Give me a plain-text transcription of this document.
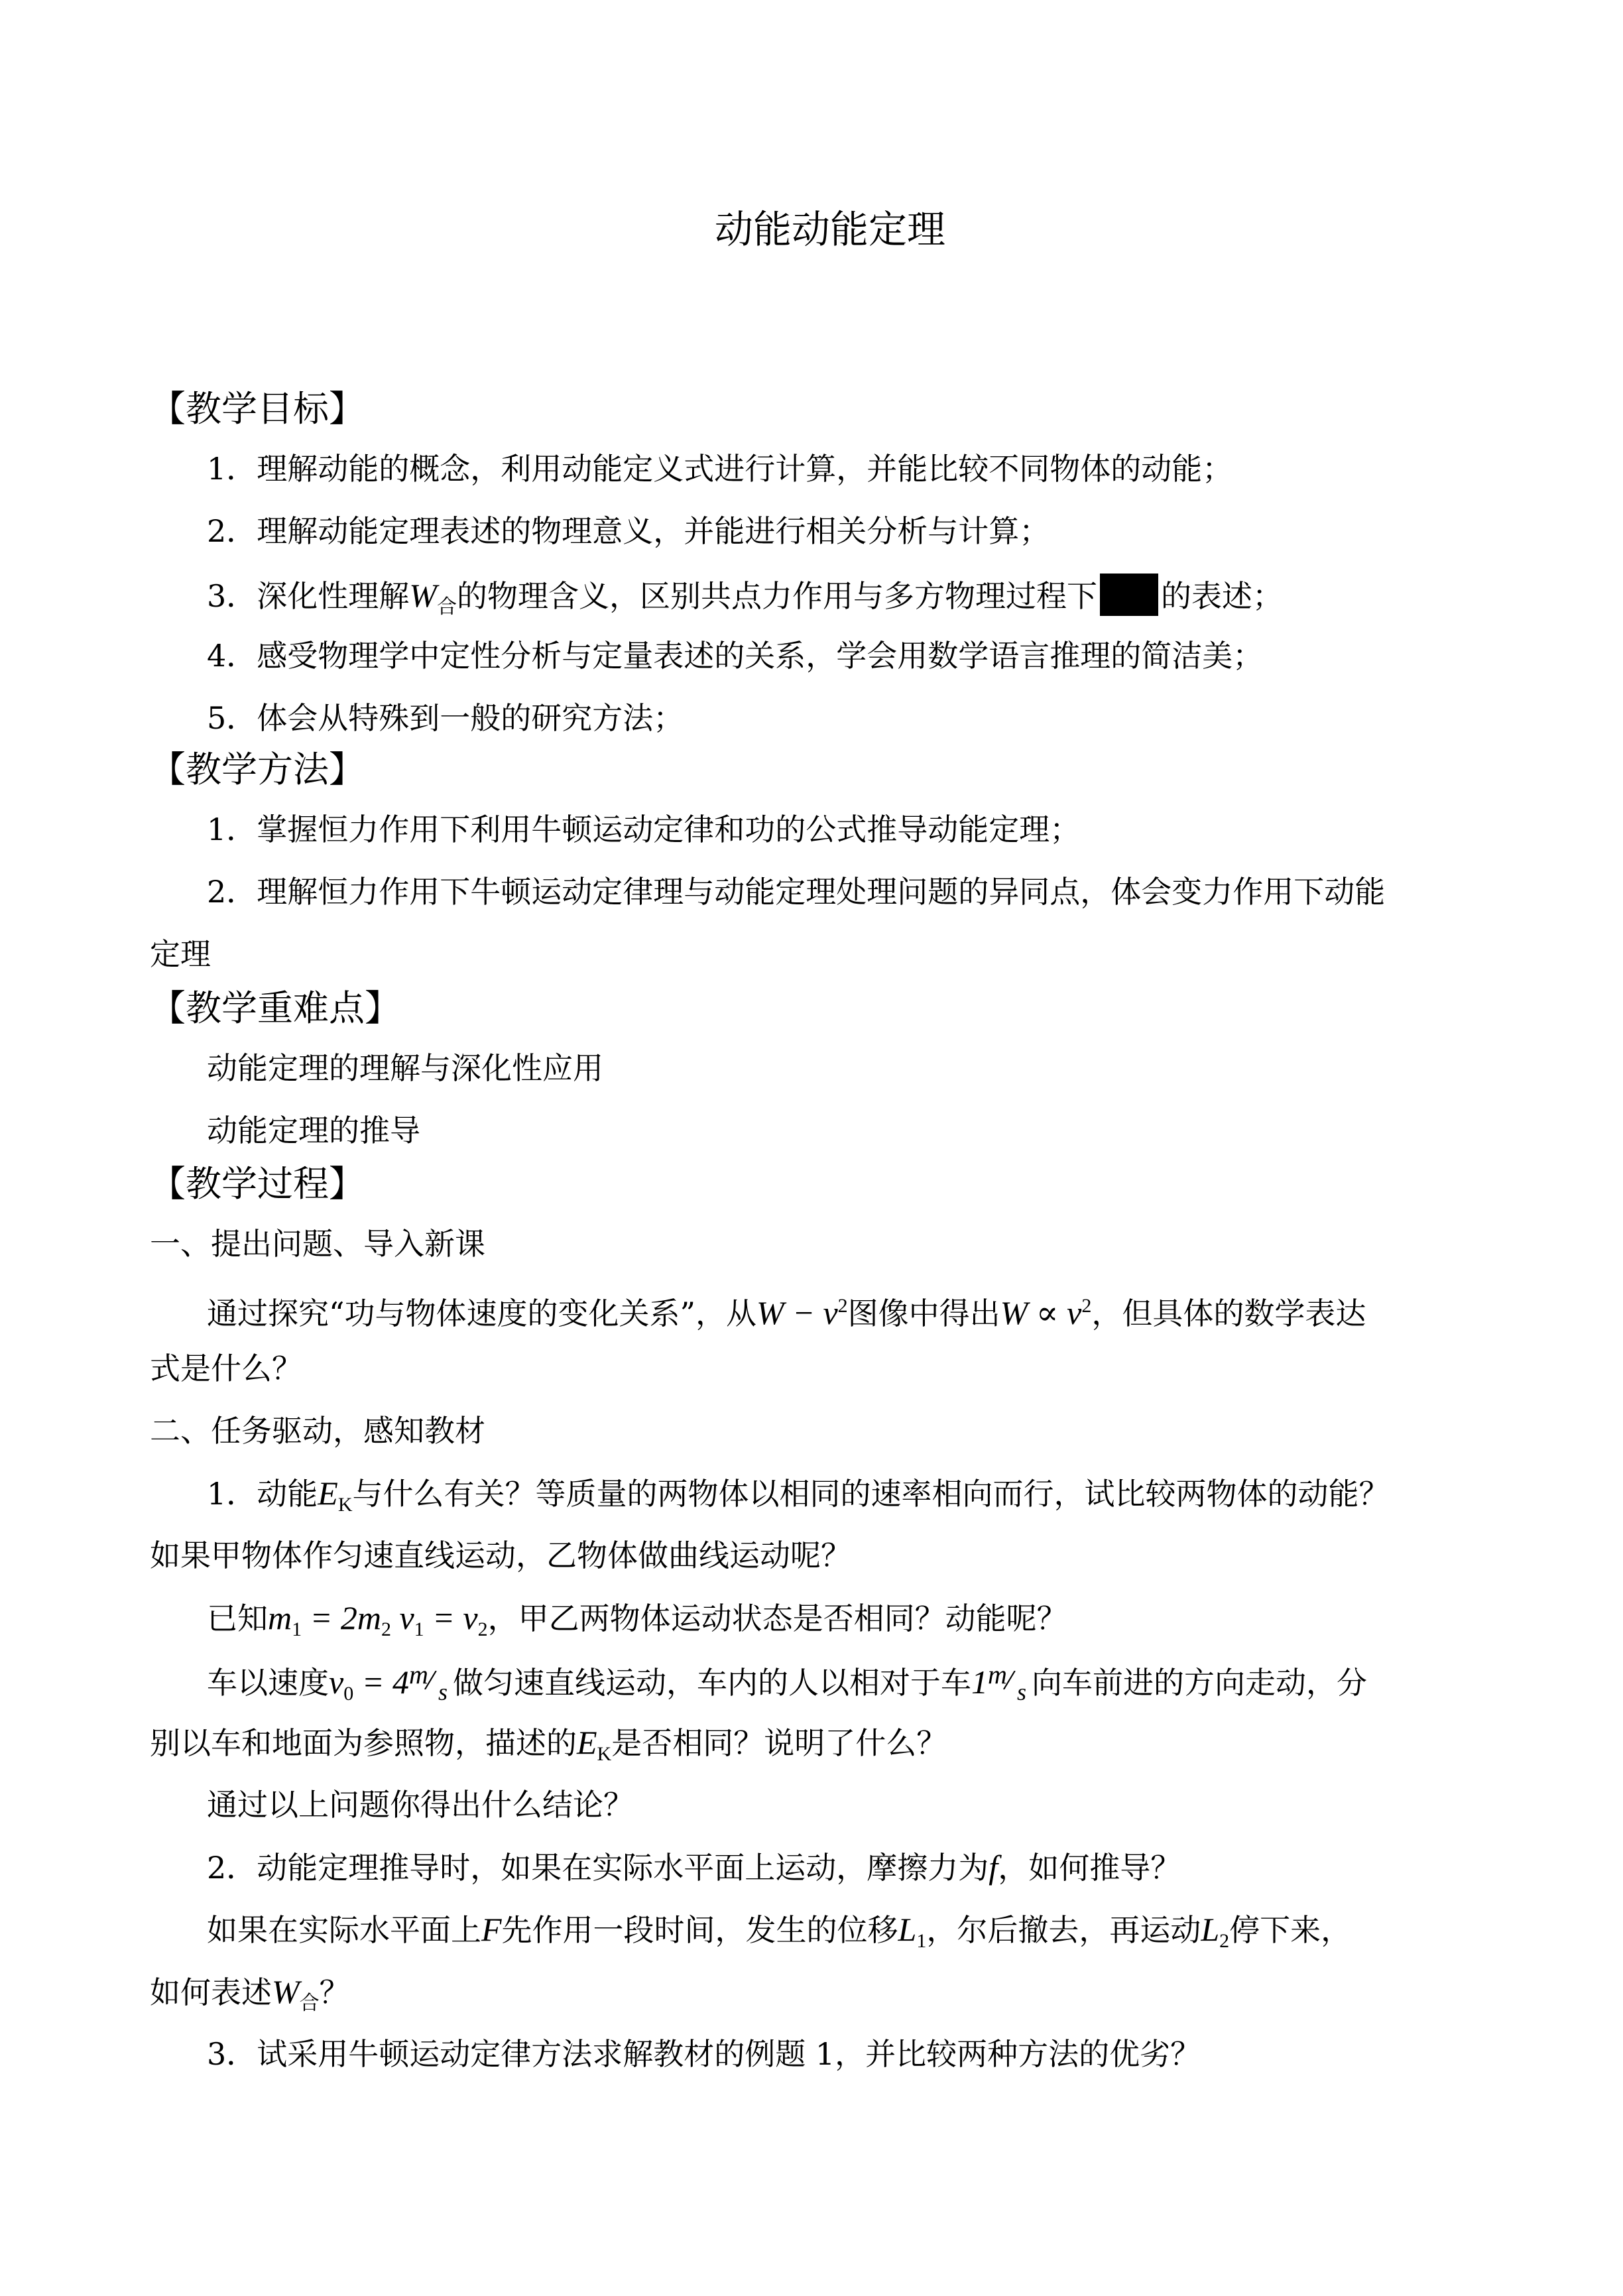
动能动能定理
【教学目标】
1．理解动能的概念，利用动能定义式进行计算，并能比较不同物体的动能；
2．理解动能定理表述的物理意义，并能进行相关分析与计算；
3．深化性理解$W_合$的物理含义，区别共点力作用与多方物理过程下 的表述；
4．感受物理学中定性分析与定量表述的关系，学会用数学语言推理的简洁美；
5．体会从特殊到一般的研究方法；
【教学方法】
1．掌握恒力作用下利用牛顿运动定律和功的公式推导动能定理；
2．理解恒力作用下牛顿运动定律理与动能定理处理问题的异同点，体会变力作用下动能
定理
【教学重难点】
动能定理的理解与深化性应用
动能定理的推导
【教学过程】
一、提出问题、导入新课
通过探究“功与物体速度的变化关系”，从$W - v^2$图像中得出$W \propto v^2$，但具体的数学表达
式是什么？
二、任务驱动，感知教材
1．动能$E_K$与什么有关？等质量的两物体以相同的速率相向而行，试比较两物体的动能？
如果甲物体作匀速直线运动，乙物体做曲线运动呢？
已知$m_1 = 2m_2$ $v_1 = v_2$，甲乙两物体运动状态是否相同？动能呢？
车以速度$v_0 = 4$ m
/ s 做匀速直线运动，车内的人以相对于车1 m
/ s 向车前进的方向走动，分
别以车和地面为参照物，描述的$E_K$是否相同？说明了什么？
通过以上问题你得出什么结论？
2．动能定理推导时，如果在实际水平面上运动，摩擦力为f，如何推导？
如果在实际水平面上F先作用一段时间，发生的位移$L_1$，尔后撤去，再运动$L_2$停下来，
如何表述$W_合$？
3．试采用牛顿运动定律方法求解教材的例题 1，并比较两种方法的优劣？
